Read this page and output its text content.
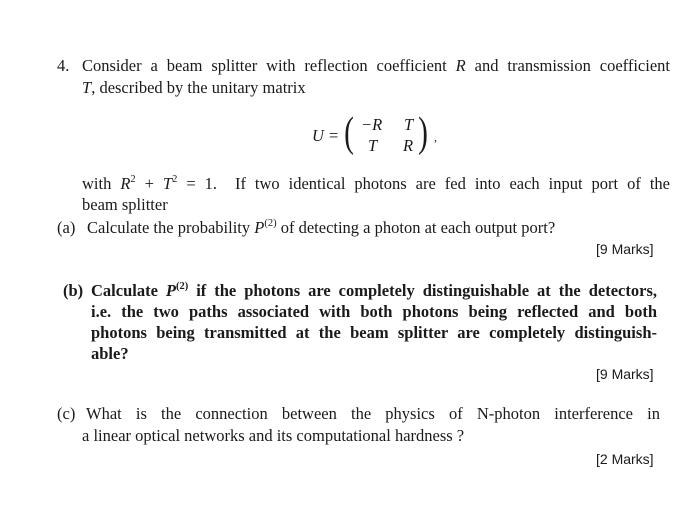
4. Consider a beam splitter with reflection coefficient R and transmission coefficient
T, described by the unitary matrix
U = ( −R T
T R ) ,
with $R^2 + T^2 = 1$.  If two identical photons are fed into each input port of the
beam splitter
(a) Calculate the probability $P^{(2)}$ of detecting a photon at each output port?
[9 Marks]
(b) Calculate $P^{(2)}$ if the photons are completely distinguishable at the detectors,
i.e. the two paths associated with both photons being reflected and both
photons being transmitted at the beam splitter are completely distinguish-
able?
[9 Marks]
(c) What is the connection between the physics of N-photon interference in
a linear optical networks and its computational hardness ?
[2 Marks]
